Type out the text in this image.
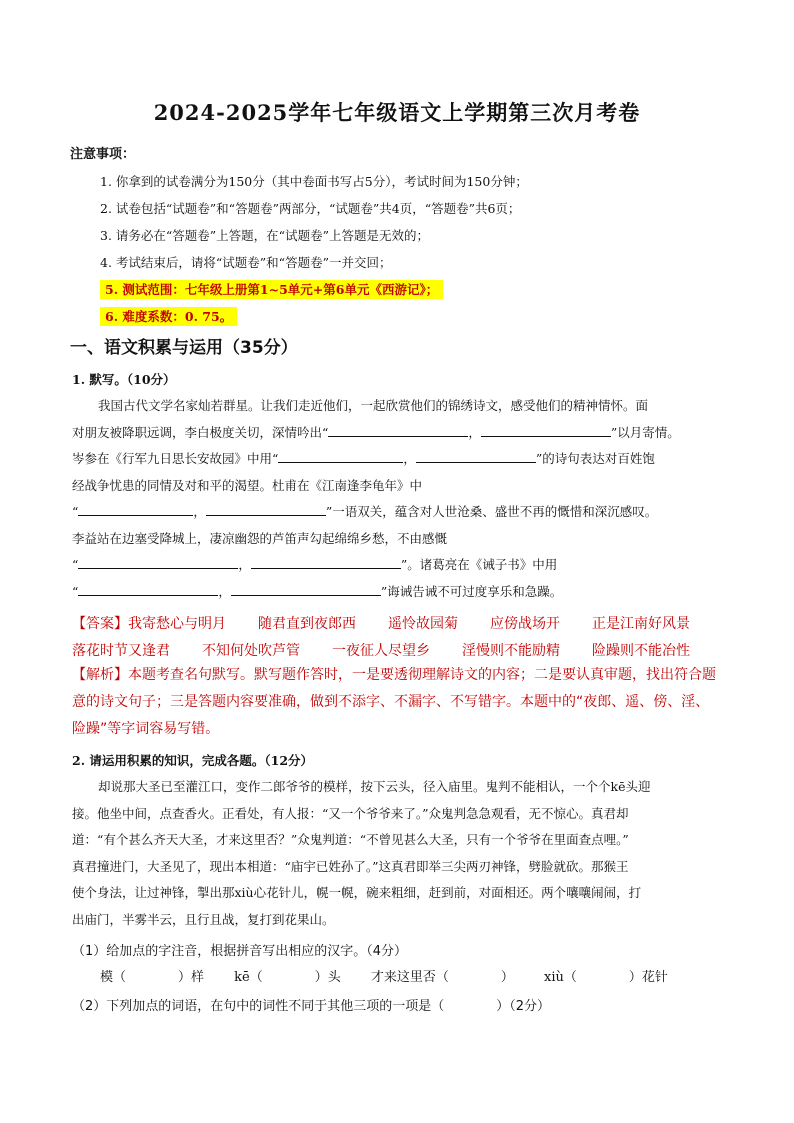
2024-2025学年七年级语文上学期第三次月考卷
注意事项：
1. 你拿到的试卷满分为150分（其中卷面书写占5分），考试时间为150分钟；
2. 试卷包括“试题卷”和“答题卷”两部分，“试题卷”共4页，“答题卷”共6页；
3. 请务必在“答题卷”上答题，在“试题卷”上答题是无效的；
4. 考试结束后，请将“试题卷”和“答题卷”一并交回；
5. 测试范围：七年级上册第1~5单元+第6单元《西游记》；
6. 难度系数：0. 75。
一、语文积累与运用（35分）
1. 默写。（10分）
我国古代文学名家灿若群星。让我们走近他们，一起欣赏他们的锦绣诗文，感受他们的精神情怀。面
对朋友被降职远调，李白极度关切，深情吟出“	，	”以月寄情。
岑参在《行军九日思长安故园》中用“	，	”的诗句表达对百姓饱
经战争忧患的同情及对和平的渴望。杜甫在《江南逢李龟年》中
“	，	”一语双关，蕴含对人世沧桑、盛世不再的慨惜和深沉感叹。
李益站在边塞受降城上，凄凉幽怨的芦笛声勾起绵绵乡愁，不由感慨
“	，	”。诸葛亮在《诫子书》中用
“	，	”诲诫告诫不可过度享乐和急躁。
【答案】我寄愁心与明月 随君直到夜郎西 遥怜故园菊 应傍战场开 正是江南好风景
落花时节又逢君 不知何处吹芦管 一夜征人尽望乡 淫慢则不能励精 险躁则不能冶性
【解析】本题考查名句默写。默写题作答时，一是要透彻理解诗文的内容；二是要认真审题，找出符合题意的诗文句子；三是答题内容要准确，做到不添字、不漏字、不写错字。本题中的“夜郎、遥、傍、淫、险躁”等字词容易写错。
2. 请运用积累的知识，完成各题。（12分）
却说那大圣已至灌江口，变作二郎爷爷的模样，按下云头，径入庙里。鬼判不能相认，一个个kē头迎
接。他坐中间，点查香火。正看处，有人报：“又一个爷爷来了。”众鬼判急急观看，无不惊心。真君却
道：“有个甚么齐天大圣，才来这里否？”众鬼判道：“不曾见甚么大圣，只有一个爷爷在里面查点哩。”
真君撞进门，大圣见了，现出本相道：“庙宇已姓孙了。”这真君即举三尖两刃神锋，劈脸就砍。那猴王
使个身法，让过神锋，掣出那xiù心花针儿，幌一幌，碗来粗细，赶到前，对面相还。两个嚷嚷闹闹，打
出庙门，半雾半云，且行且战，复打到花果山。
（1）给加点的字注音，根据拼音写出相应的汉字。（4分）
模（　　　　）样 kē（　　　　）头 才来这里否（　　　　） xiù（　　　　）花针
（2）下列加点的词语，在句中的词性不同于其他三项的一项是（　　　　）（2分）
